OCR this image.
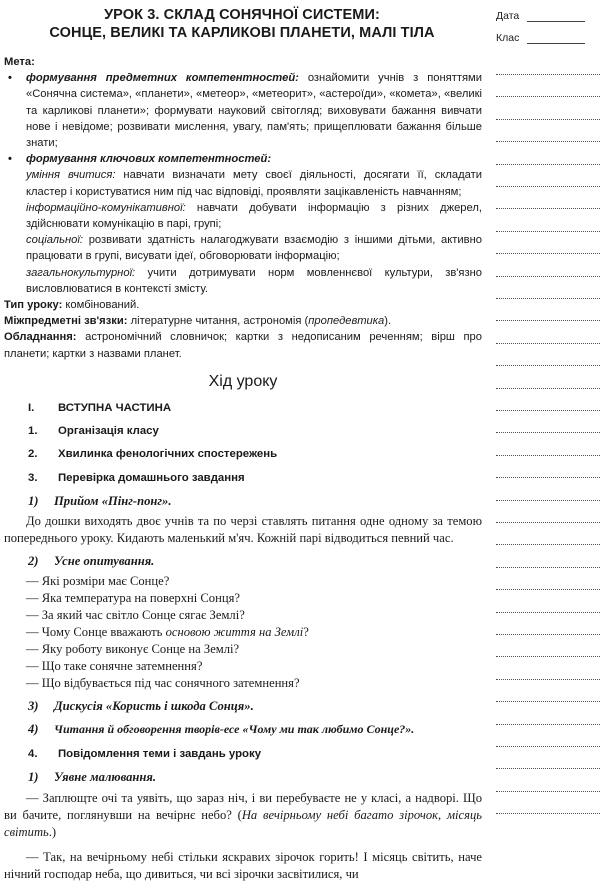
УРОК 3. СКЛАД СОНЯЧНОЇ СИСТЕМИ:
СОНЦЕ, ВЕЛИКІ ТА КАРЛИКОВІ ПЛАНЕТИ, МАЛІ ТІЛА
Мета:
• формування предметних компетентностей: ознайомити учнів з поняттями «Сонячна система», «планети», «метеор», «метеорит», «астероїди», «комета», «великі та карликові планети»; формувати науковий світогляд; виховувати бажання вивчати нове і невідоме; розвивати мислення, увагу, пам'ять; прищеплювати бажання більше знати;
• формування ключових компетентностей:
уміння вчитися: навчати визначати мету своєї діяльності, досягати її, складати кластер і користуватися ним під час відповіді, проявляти зацікавленість навчанням;
інформаційно-комунікативної: навчати добувати інформацію з різних джерел, здійснювати комунікацію в парі, групі;
соціальної: розвивати здатність налагоджувати взаємодію з іншими дітьми, активно працювати в групі, висувати ідеї, обговорювати інформацію;
загальнокультурної: учити дотримувати норм мовленнєвої культури, зв'язно висловлюватися в контексті змісту.
Тип уроку: комбінований.
Міжпредметні зв'язки: літературне читання, астрономія (пропедевтика).
Обладнання: астрономічний словничок; картки з недописаним реченням; вірш про планети; картки з назвами планет.
Хід уроку
I.	ВСТУПНА ЧАСТИНА
1.	Організація класу
2.	Хвилинка фенологічних спостережень
3.	Перевірка домашнього завдання
1)	Прийом «Пінг-понг».
До дошки виходять двоє учнів та по черзі ставлять питання одне одному за темою попереднього уроку. Кидають маленький м'яч. Кожній парі відводиться певний час.
2)	Усне опитування.
— Які розміри має Сонце?
— Яка температура на поверхні Сонця?
— За який час світло Сонце сягає Землі?
— Чому Сонце вважають основою життя на Землі?
— Яку роботу виконує Сонце на Землі?
— Що таке сонячне затемнення?
— Що відбувається під час сонячного затемнення?
3)	Дискусія «Користь і шкода Сонця».
4)	Читання й обговорення творів-есе «Чому ми так любимо Сонце?».
4.	Повідомлення теми і завдань уроку
1)	Уявне малювання.
— Заплющте очі та уявіть, що зараз ніч, і ви перебуваєте не у класі, а надворі. Що ви бачите, поглянувши на вечірнє небо? (На вечірньому небі багато зірочок, місяць світить.)
— Так, на вечірньому небі стільки яскравих зірочок горить! І місяць світить, наче нічний господар неба, що дивиться, чи всі зірочки засвітилися, чи
Дата
Клас
